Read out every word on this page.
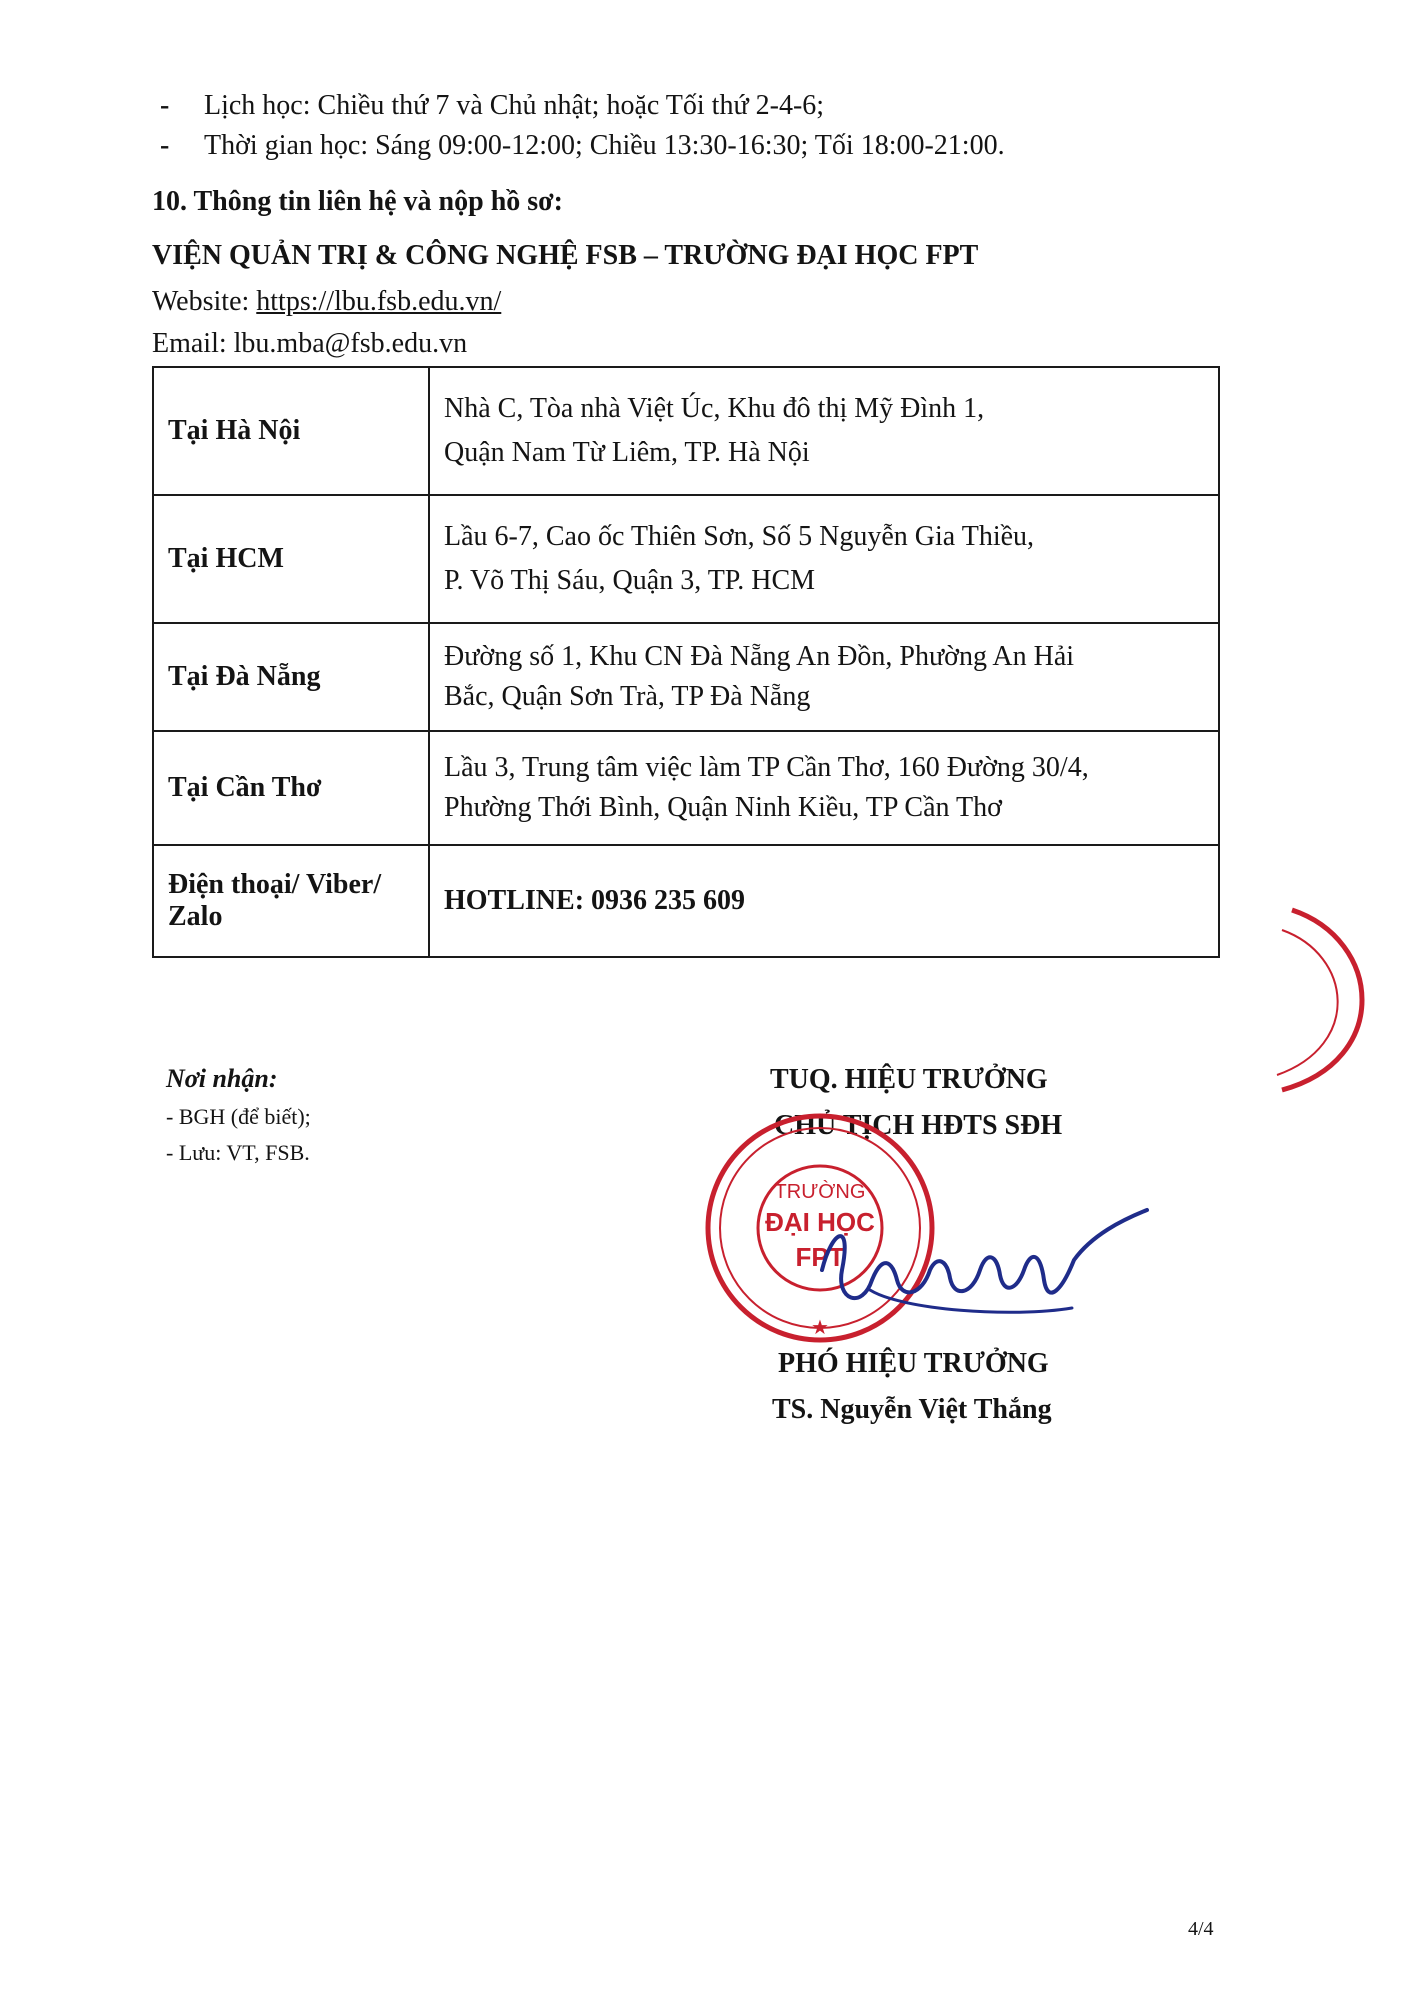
- Lịch học: Chiều thứ 7 và Chủ nhật; hoặc Tối thứ 2-4-6;
- Thời gian học: Sáng 09:00-12:00; Chiều 13:30-16:30; Tối 18:00-21:00.
10. Thông tin liên hệ và nộp hồ sơ:
VIỆN QUẢN TRỊ & CÔNG NGHỆ FSB – TRƯỜNG ĐẠI HỌC FPT
Website: https://lbu.fsb.edu.vn/
Email: lbu.mba@fsb.edu.vn
Tại Hà Nội	Nhà C, Tòa nhà Việt Úc, Khu đô thị Mỹ Đình 1,
Quận Nam Từ Liêm, TP. Hà Nội

Tại HCM	Lầu 6-7, Cao ốc Thiên Sơn, Số 5 Nguyễn Gia Thiều,
P. Võ Thị Sáu, Quận 3, TP. HCM

Tại Đà Nẵng	Đường số 1, Khu CN Đà Nẵng An Đồn, Phường An Hải
Bắc, Quận Sơn Trà, TP Đà Nẵng

Tại Cần Thơ	Lầu 3, Trung tâm việc làm TP Cần Thơ, 160 Đường 30/4,
Phường Thới Bình, Quận Ninh Kiều, TP Cần Thơ

Điện thoại/ Viber/
Zalo	HOTLINE: 0936 235 609
Nơi nhận:
- BGH (để biết);
- Lưu: VT, FSB.
TUQ. HIỆU TRƯỞNG
CHỦ TỊCH HĐTS SĐH
TRƯỜNG
ĐẠI HỌC
FPT
★
PHÓ HIỆU TRƯỞNG
TS. Nguyễn Việt Thắng
4/4
